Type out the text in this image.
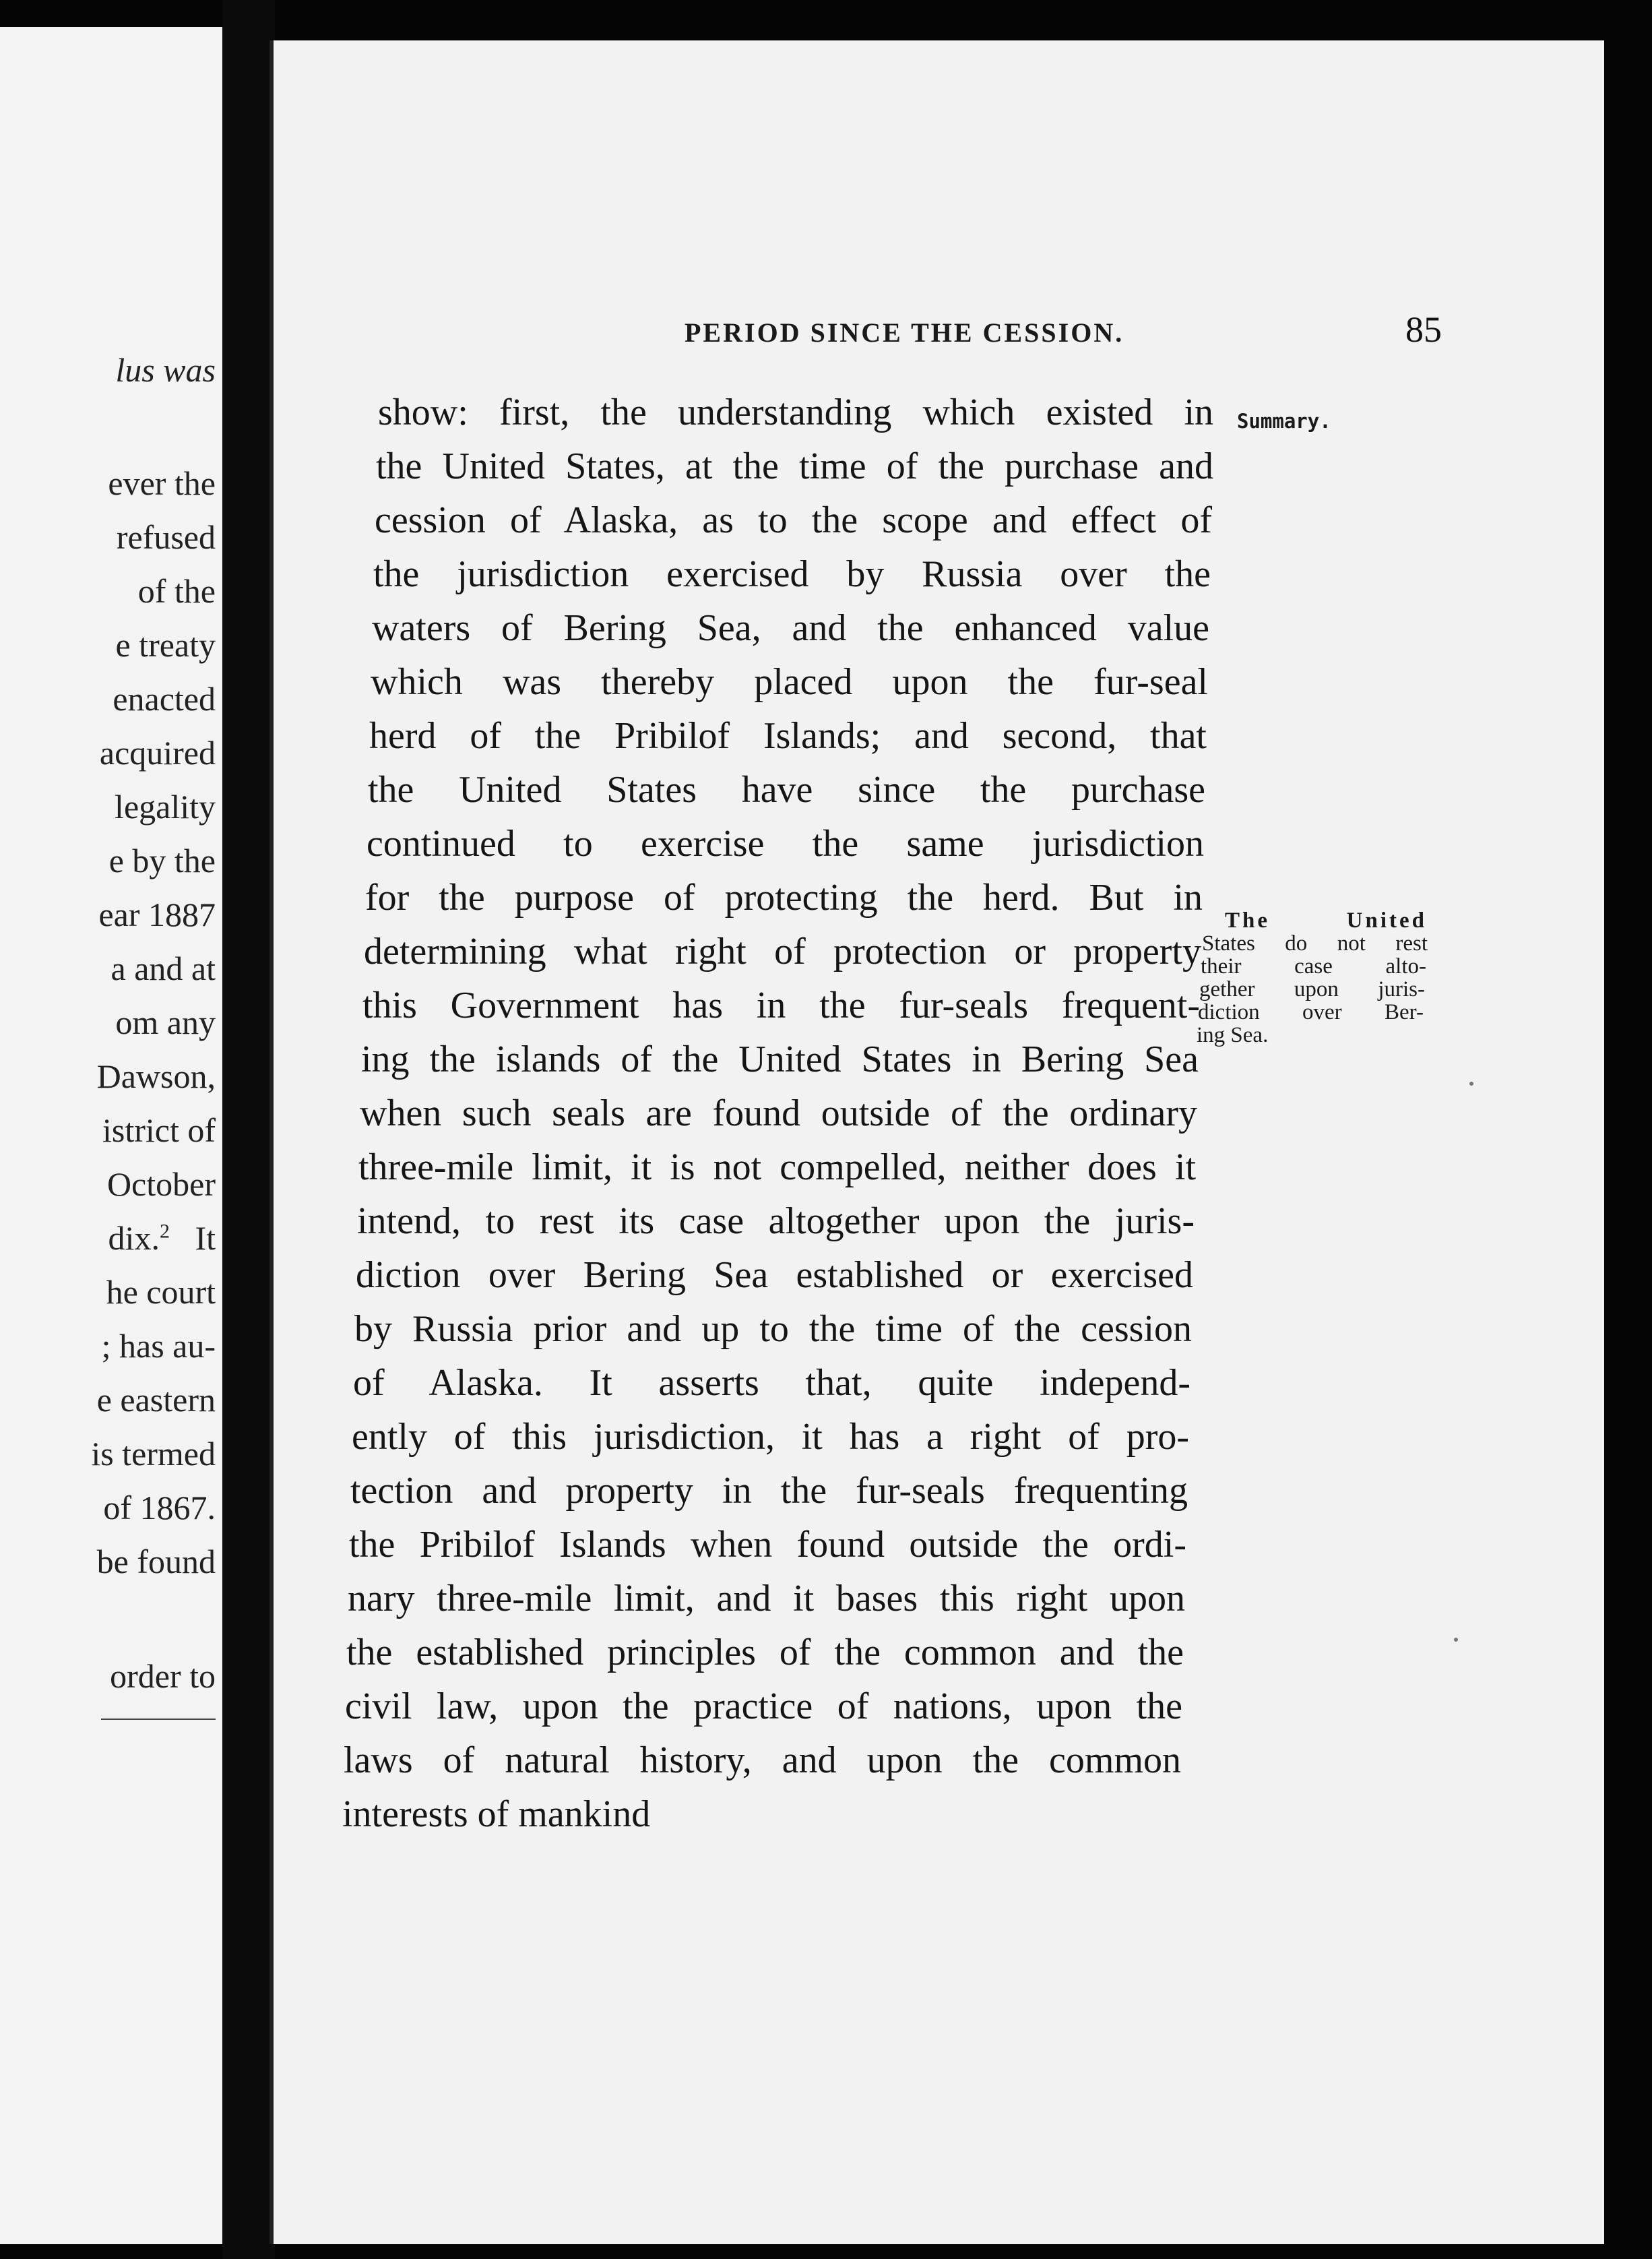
lus was
ever the
refused
of the
e treaty
enacted
acquired
legality
e by the
ear 1887
a and at
om any
Dawson,
istrict of
October
dix.$^2$ It
he court
; has au-
e eastern
is termed
of 1867.
be found
order to
PERIOD SINCE THE CESSION.	85
show: first, the understanding which existed in
the United States, at the time of the purchase and
cession of Alaska, as to the scope and effect of
the jurisdiction exercised by Russia over the
waters of Bering Sea, and the enhanced value
which was thereby placed upon the fur-seal
herd of the Pribilof Islands; and second, that
the United States have since the purchase
continued to exercise the same jurisdiction
for the purpose of protecting the herd. But in
determining what right of protection or property
this Government has in the fur-seals frequent-
ing the islands of the United States in Bering Sea
when such seals are found outside of the ordinary
three-mile limit, it is not compelled, neither does it
intend, to rest its case altogether upon the juris-
diction over Bering Sea established or exercised
by Russia prior and up to the time of the cession
of Alaska. It asserts that, quite independ-
ently of this jurisdiction, it has a right of pro-
tection and property in the fur-seals frequenting
the Pribilof Islands when found outside the ordi-
nary three-mile limit, and it bases this right upon
the established principles of the common and the
civil law, upon the practice of nations, upon the
laws of natural history, and upon the common
interests of mankind
Summary.
The United
States do not rest
their case alto-
gether upon juris-
diction over Ber-
ing Sea.
